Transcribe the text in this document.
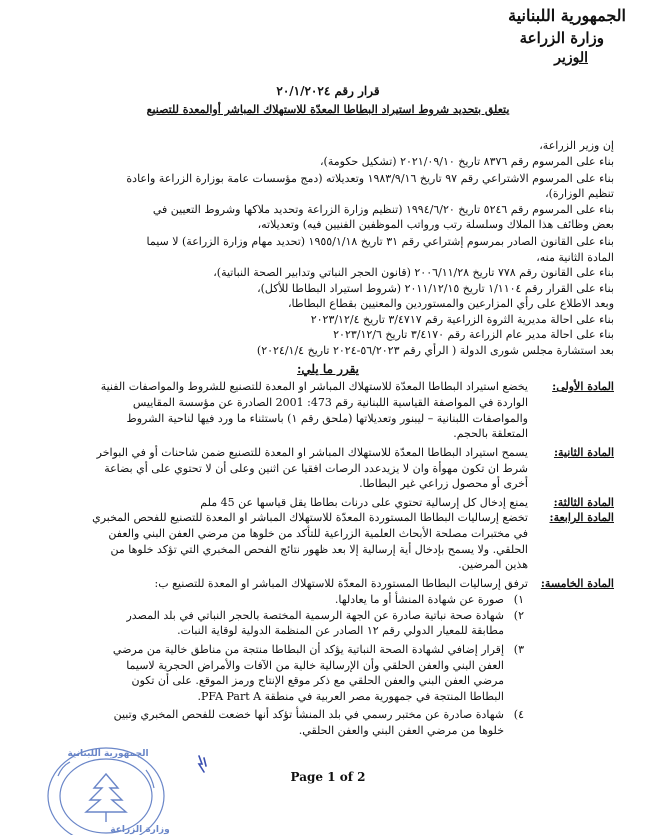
الجمهورية اللبنانية
وزارة الزراعة
الوزير
قرار رقم ٢٠/١/٢٠٢٤
يتعلق بتحديد شروط استيراد البطاطا المعدّة للاستهلاك المباشر أوالمعدة للتصنيع
إن وزير الزراعة،
بناء على المرسوم رقم ٨٣٧٦ تاريخ ٢٠٢١/٠٩/١٠ (تشكيل حكومة)،
بناء على المرسوم الاشتراعي رقم ٩٧ تاريخ ١٩٨٣/٩/١٦ وتعديلاته (دمج مؤسسات عامة بوزارة الزراعة واعادة
تنظيم الوزارة)،
بناء على المرسوم رقم ٥٢٤٦ تاريخ ١٩٩٤/٦/٢٠ (تنظيم وزارة الزراعة وتحديد ملاكها وشروط التعيين في
بعض وظائف هذا الملاك وسلسلة رتب ورواتب الموظفين الفنيين فيه) وتعديلاته،
بناء على القانون الصادر بمرسوم إشتراعي رقم ٣١ تاريخ ١٩٥٥/١/١٨ (تحديد مهام وزارة الزراعة) لا سيما
المادة الثانية منه،
بناء على القانون رقم ٧٧٨ تاريخ ٢٠٠٦/١١/٢٨ (قانون الحجر النباتي وتدابير الصحة النباتية)،
بناء على القرار رقم ١/١١٠٤ تاريخ ٢٠١١/١٢/١٥ (شروط استيراد البطاطا للأكل)،
وبعد الاطلاع على رأي المزارعين والمستوردين والمعنيين بقطاع البطاطا،
بناء على احالة مديرية الثروة الزراعية رقم ٣/٤٧١٧ تاريخ ٢٠٢٣/١٢/٤
بناء على احالة مدير عام الزراعة رقم ٣/٤١٧٠ تاريخ ٢٠٢٣/١٢/٦
بعد استشارة مجلس شورى الدولة ( الرأي رقم ٥٦/٢٠٢٣-٢٠٢٤ تاريخ ٢٠٢٤/١/٤)
يقرر ما يلي:
المادة الأولى:
يخضع استيراد البطاطا المعدّة للاستهلاك المباشر او المعدة للتصنيع للشروط والمواصفات الفنية
الواردة في المواصفة القياسية اللبنانية رقم 473: 2001 الصادرة عن مؤسسة المقاييس
والمواصفات اللبنانية – ليبنور وتعديلاتها (ملحق رقم ١) باستثناء ما ورد فيها لناحية الشروط
المتعلقة بالحجم.
المادة الثانية:
يسمح استيراد البطاطا المعدّة للاستهلاك المباشر او المعدة للتصنيع ضمن شاحنات أو في البواخر
شرط ان تكون مهوأة وان لا يزيدعدد الرصات افقيا عن اثنين وعلى أن لا تحتوي على أي بضاعة
أخرى أو محصول زراعي غير البطاطا.
المادة الثالثة:
يمنع إدخال كل إرسالية تحتوي على درنات بطاطا يقل قياسها عن 45 ملم
المادة الرابعة:
تخضع إرساليات البطاطا المستوردة المعدّة للاستهلاك المباشر او المعدة للتصنيع للفحص المخبري
في مختبرات مصلحة الأبحاث العلمية الزراعية للتأكد من خلوها من مرضي العفن البني والعفن
الحلقي. ولا يسمح بإدخال أية إرسالية إلا بعد ظهور نتائج الفحص المخبري التي تؤكد خلوها من
هذين المرضين.
المادة الخامسة:
ترفق إرساليات البطاطا المستوردة المعدّة للاستهلاك المباشر او المعدة للتصنيع ب:
١)
صورة عن شهادة المنشأ أو ما يعادلها.
٢)
شهادة صحة نباتية صادرة عن الجهة الرسمية المختصة بالحجر النباتي في بلد المصدر
مطابقة للمعيار الدولي رقم ١٢ الصادر عن المنظمة الدولية لوقاية النبات.
٣)
إقرار إضافي لشهادة الصحة النباتية يؤكد أن البطاطا منتجة من مناطق خالية من مرضي
العفن البني والعفن الحلقي وأن الإرسالية خالية من الآفات والأمراض الحجرية لاسيما
مرضي العفن البني والعفن الحلقي مع ذكر موقع الإنتاج ورمز الموقع. على أن تكون
البطاطا المنتجة في جمهورية مصر العربية في منطقة PFA Part A.
٤)
شهادة صادرة عن مختبر رسمي في بلد المنشأ تؤكد أنها خضعت للفحص المخبري وتبين
خلوها من مرضي العفن البني والعفن الحلقي.
Page 1 of 2
الجمهورية اللبنانية
وزارة الزراعة
